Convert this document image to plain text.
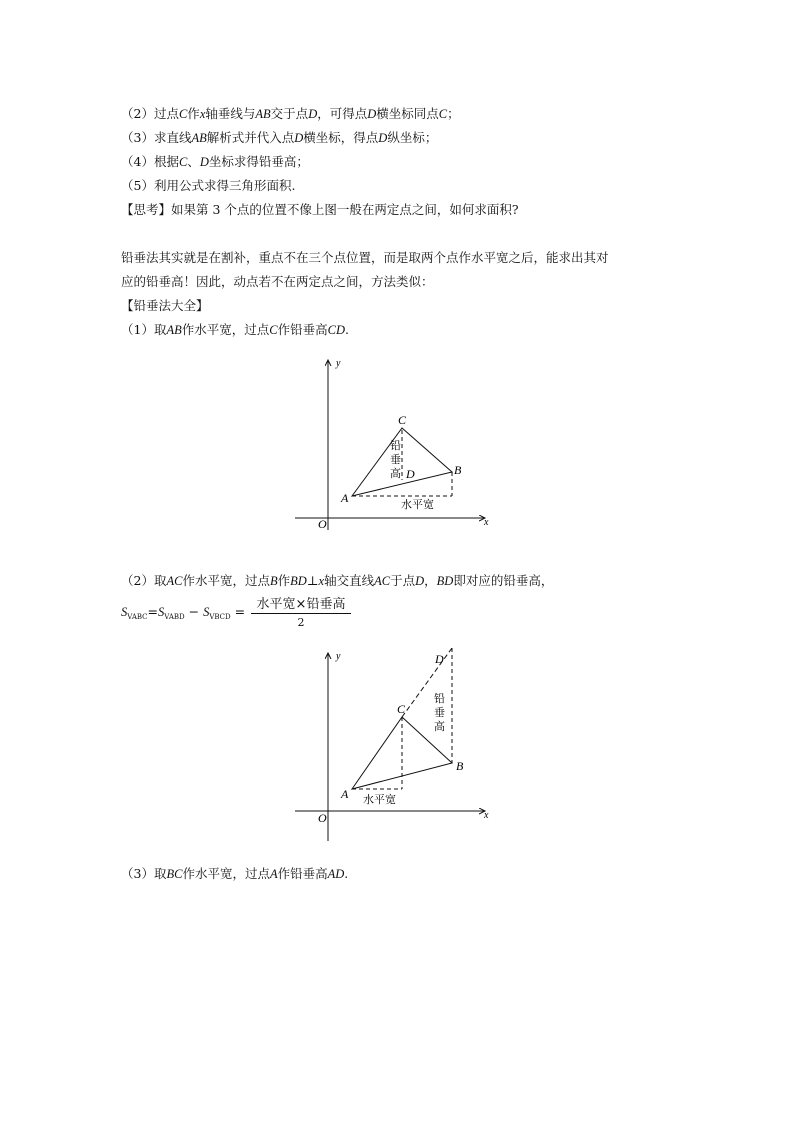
（2）过点C作x轴垂线与AB交于点D，可得点D横坐标同点C；
（3）求直线AB解析式并代入点D横坐标，得点D纵坐标；
（4）根据C、D坐标求得铅垂高；
（5）利用公式求得三角形面积.
【思考】如果第 3 个点的位置不像上图一般在两定点之间，如何求面积?
铅垂法其实就是在割补，重点不在三个点位置，而是取两个点作水平宽之后，能求出其对
应的铅垂高！因此，动点若不在两定点之间，方法类似：
【铅垂法大全】
（1）取AB作水平宽，过点C作铅垂高CD.
y
x
O
C
B
A
D
铅
垂
高
水平宽
（2）取AC作水平宽，过点B作BD⊥x轴交直线AC于点D，BD即对应的铅垂高，
$S_{VABC}=S_{VABD} - S_{VBCD}$ = 水平宽×铅垂高
2
y
x
O
D
C
B
A
铅
垂
高
水平宽
（3）取BC作水平宽，过点A作铅垂高AD.
